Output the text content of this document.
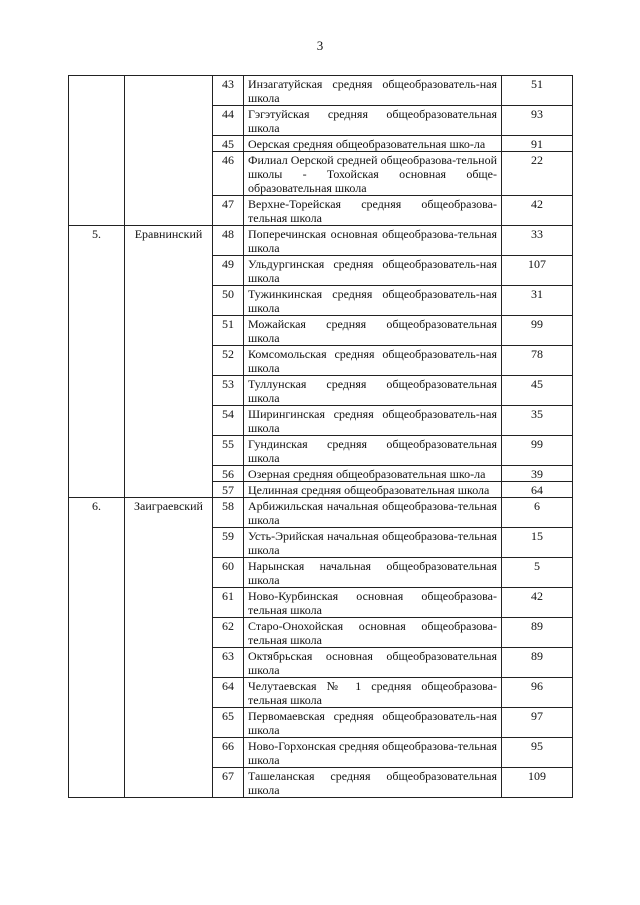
3
		43	Инзагатуйская средняя общеобразователь-ная школа	51
		44	Гэгэтуйская средняя общеобразовательная школа	93
		45	Оерская средняя общеобразовательная шко-ла	91
		46	Филиал Оерской средней общеобразова-тельной школы - Тохойская основная обще-образовательная школа	22
		47	Верхне-Торейская средняя общеобразова-тельная школа	42
5.	Еравнинский	48	Поперечинская основная общеобразова-тельная школа	33
		49	Ульдургинская средняя общеобразователь-ная школа	107
		50	Тужинкинская средняя общеобразователь-ная школа	31
		51	Можайская средняя общеобразовательная школа	99
		52	Комсомольская средняя общеобразователь-ная школа	78
		53	Туллунская средняя общеобразовательная школа	45
		54	Ширингинская средняя общеобразователь-ная школа	35
		55	Гундинская средняя общеобразовательная школа	99
		56	Озерная средняя общеобразовательная шко-ла	39
		57	Целинная средняя общеобразовательная школа	64
6.	Заиграевский	58	Арбижильская начальная общеобразова-тельная школа	6
		59	Усть-Эрийская начальная общеобразова-тельная школа	15
		60	Нарынская начальная общеобразовательная школа	5
		61	Ново-Курбинская основная общеобразова-тельная школа	42
		62	Старо-Онохойская основная общеобразова-тельная школа	89
		63	Октябрьская основная общеобразовательная школа	89
		64	Челутаевская № 1 средняя общеобразова-тельная школа	96
		65	Первомаевская средняя общеобразователь-ная школа	97
		66	Ново-Горхонская средняя общеобразова-тельная школа	95
		67	Ташеланская средняя общеобразовательная школа	109
